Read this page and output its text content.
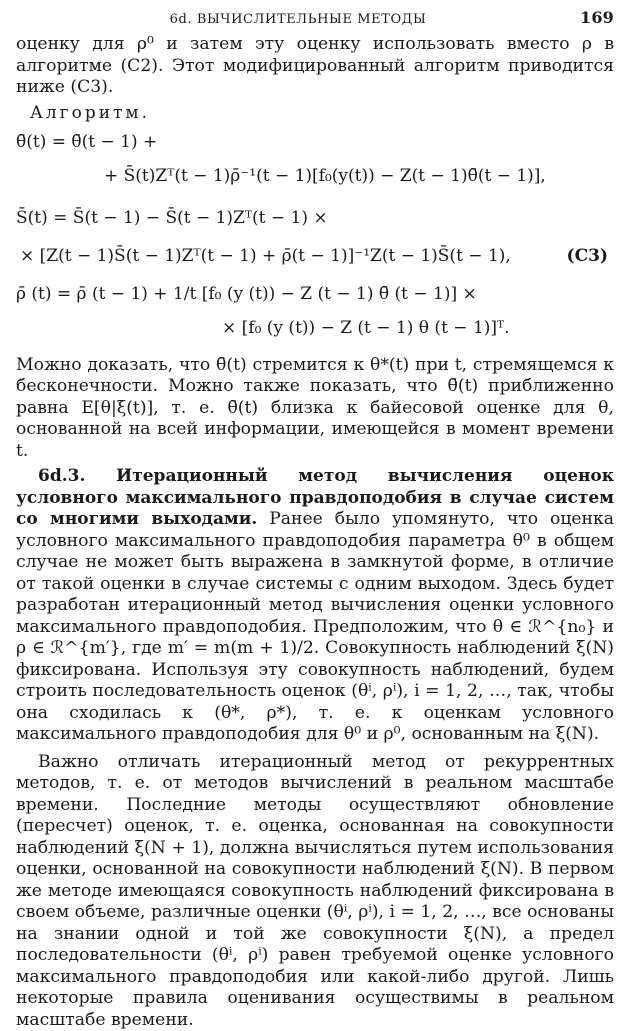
6d. ВЫЧИСЛИТЕЛЬНЫЕ МЕТОДЫ	169

оценку для ρ⁰ и затем эту оценку использовать вместо ρ в алгоритме (С2). Этот модифицированный алгоритм приводится ниже (С3).

Алгоритм.
θ̄(t) = θ̄(t − 1) +
+ S̄(t)Zᵀ(t − 1)ρ̄⁻¹(t − 1)[f₀(y(t)) − Z(t − 1)θ̄(t − 1)],
S̄(t) = S̄(t − 1) − S̄(t − 1)Zᵀ(t − 1) ×
× [Z(t − 1)S̄(t − 1)Zᵀ(t − 1) + ρ̄(t − 1)]⁻¹Z(t − 1)S̄(t − 1),	(С3)
ρ̄ (t) = ρ̄ (t − 1) + 1/t [f₀ (y (t)) − Z (t − 1) θ̄ (t − 1)] ×
× [f₀ (y (t)) − Z (t − 1) θ (t − 1)]ᵀ.

Можно доказать, что θ̄(t) стремится к θ*(t) при t, стремящемся к бесконечности. Можно также показать, что θ̄(t) приближенно равна E[θ|ξ(t)], т. е. θ̄(t) близка к байесовой оценке для θ, основанной на всей информации, имеющейся в момент времени t.

6d.3. Итерационный метод вычисления оценок условного максимального правдоподобия в случае систем со многими выходами. Ранее было упомянуто, что оценка условного максимального правдоподобия параметра θ⁰ в общем случае не может быть выражена в замкнутой форме, в отличие от такой оценки в случае системы с одним выходом. Здесь будет разработан итерационный метод вычисления оценки условного максимального правдоподобия. Предположим, что θ ∈ ℛ^{n₀} и ρ ∈ ℛ^{m′}, где m′ = m(m + 1)/2. Совокупность наблюдений ξ(N) фиксирована. Используя эту совокупность наблюдений, будем строить последовательность оценок (θⁱ, ρⁱ), i = 1, 2, …, так, чтобы она сходилась к (θ*, ρ*), т. е. к оценкам условного максимального правдоподобия для θ⁰ и ρ⁰, основанным на ξ(N).

Важно отличать итерационный метод от рекуррентных методов, т. е. от методов вычислений в реальном масштабе времени. Последние методы осуществляют обновление (пересчет) оценок, т. е. оценка, основанная на совокупности наблюдений ξ(N + 1), должна вычисляться путем использования оценки, основанной на совокупности наблюдений ξ(N). В первом же методе имеющаяся совокупность наблюдений фиксирована в своем объеме, различные оценки (θⁱ, ρⁱ), i = 1, 2, …, все основаны на знании одной и той же совокупности ξ(N), а предел последовательности (θⁱ, ρⁱ) равен требуемой оценке условного максимального правдоподобия или какой-либо другой. Лишь некоторые правила оценивания осуществимы в реальном масштабе времени.
